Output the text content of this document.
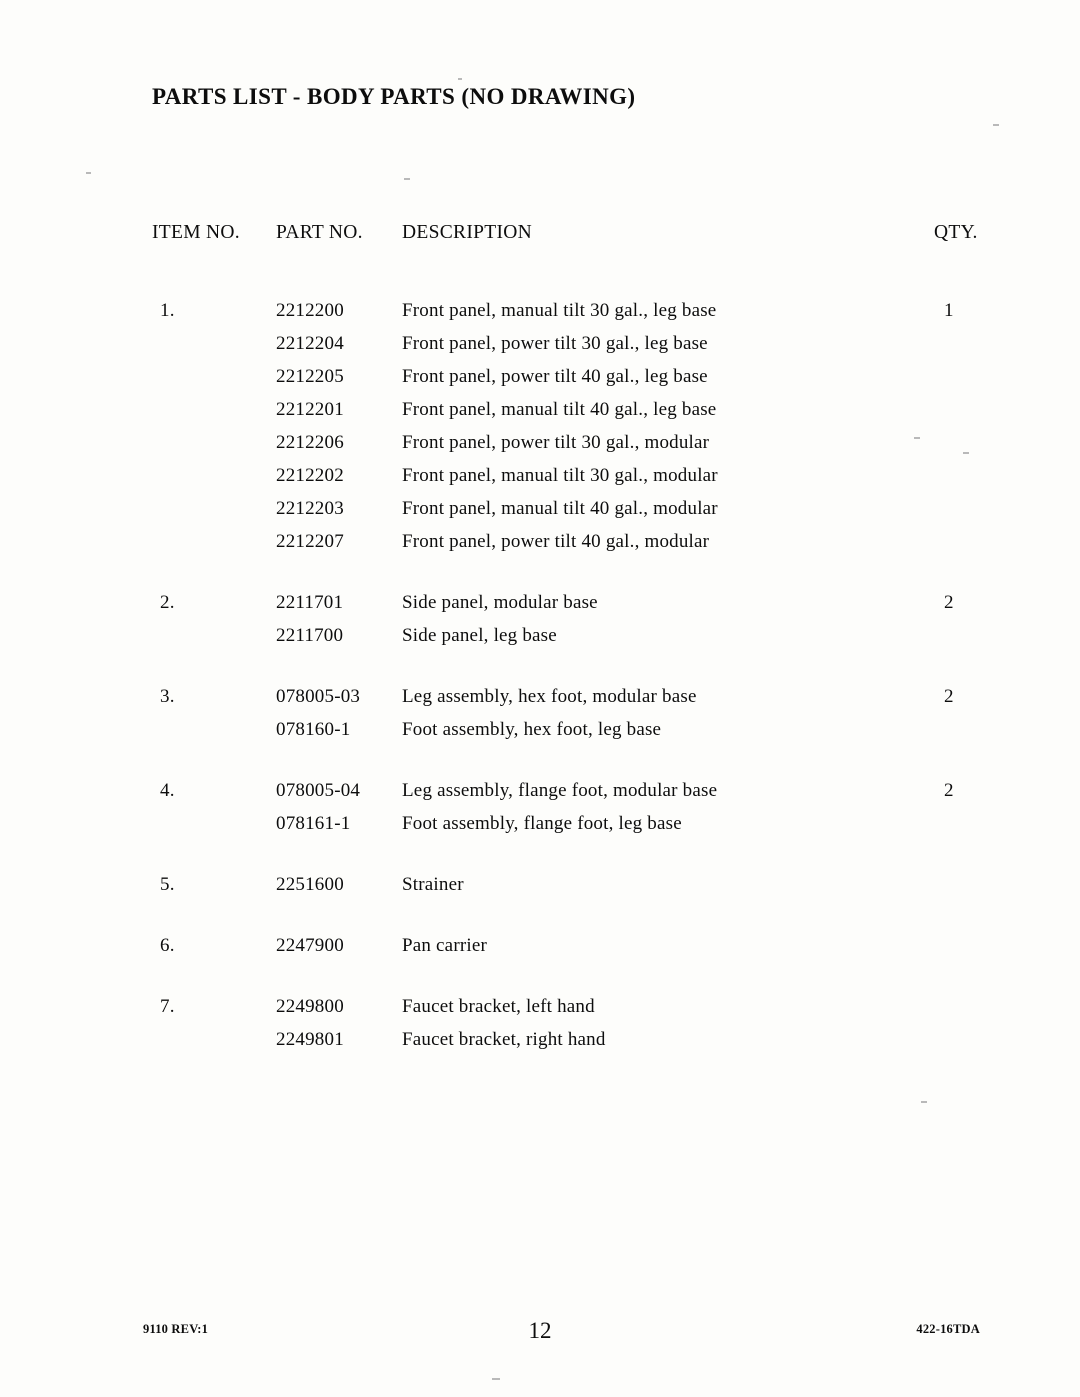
PARTS LIST - BODY PARTS (NO DRAWING)
ITEM NO.	PART NO.	DESCRIPTION	QTY.
1.	2212200	Front panel, manual tilt 30 gal., leg base	1
2212204	Front panel, power tilt 30 gal., leg base
2212205	Front panel, power tilt 40 gal., leg base
2212201	Front panel, manual tilt 40 gal., leg base
2212206	Front panel, power tilt 30 gal., modular
2212202	Front panel, manual tilt 30 gal., modular
2212203	Front panel, manual tilt 40 gal., modular
2212207	Front panel, power tilt 40 gal., modular
2.	2211701	Side panel, modular base	2
2211700	Side panel, leg base
3.	078005-03	Leg assembly, hex foot, modular base	2
078160-1	Foot assembly, hex foot, leg base
4.	078005-04	Leg assembly, flange foot, modular base	2
078161-1	Foot assembly, flange foot, leg base
5.	2251600	Strainer
6.	2247900	Pan carrier
7.	2249800	Faucet bracket, left hand
2249801	Faucet bracket, right hand
9110 REV:1	12	422-16TDA
